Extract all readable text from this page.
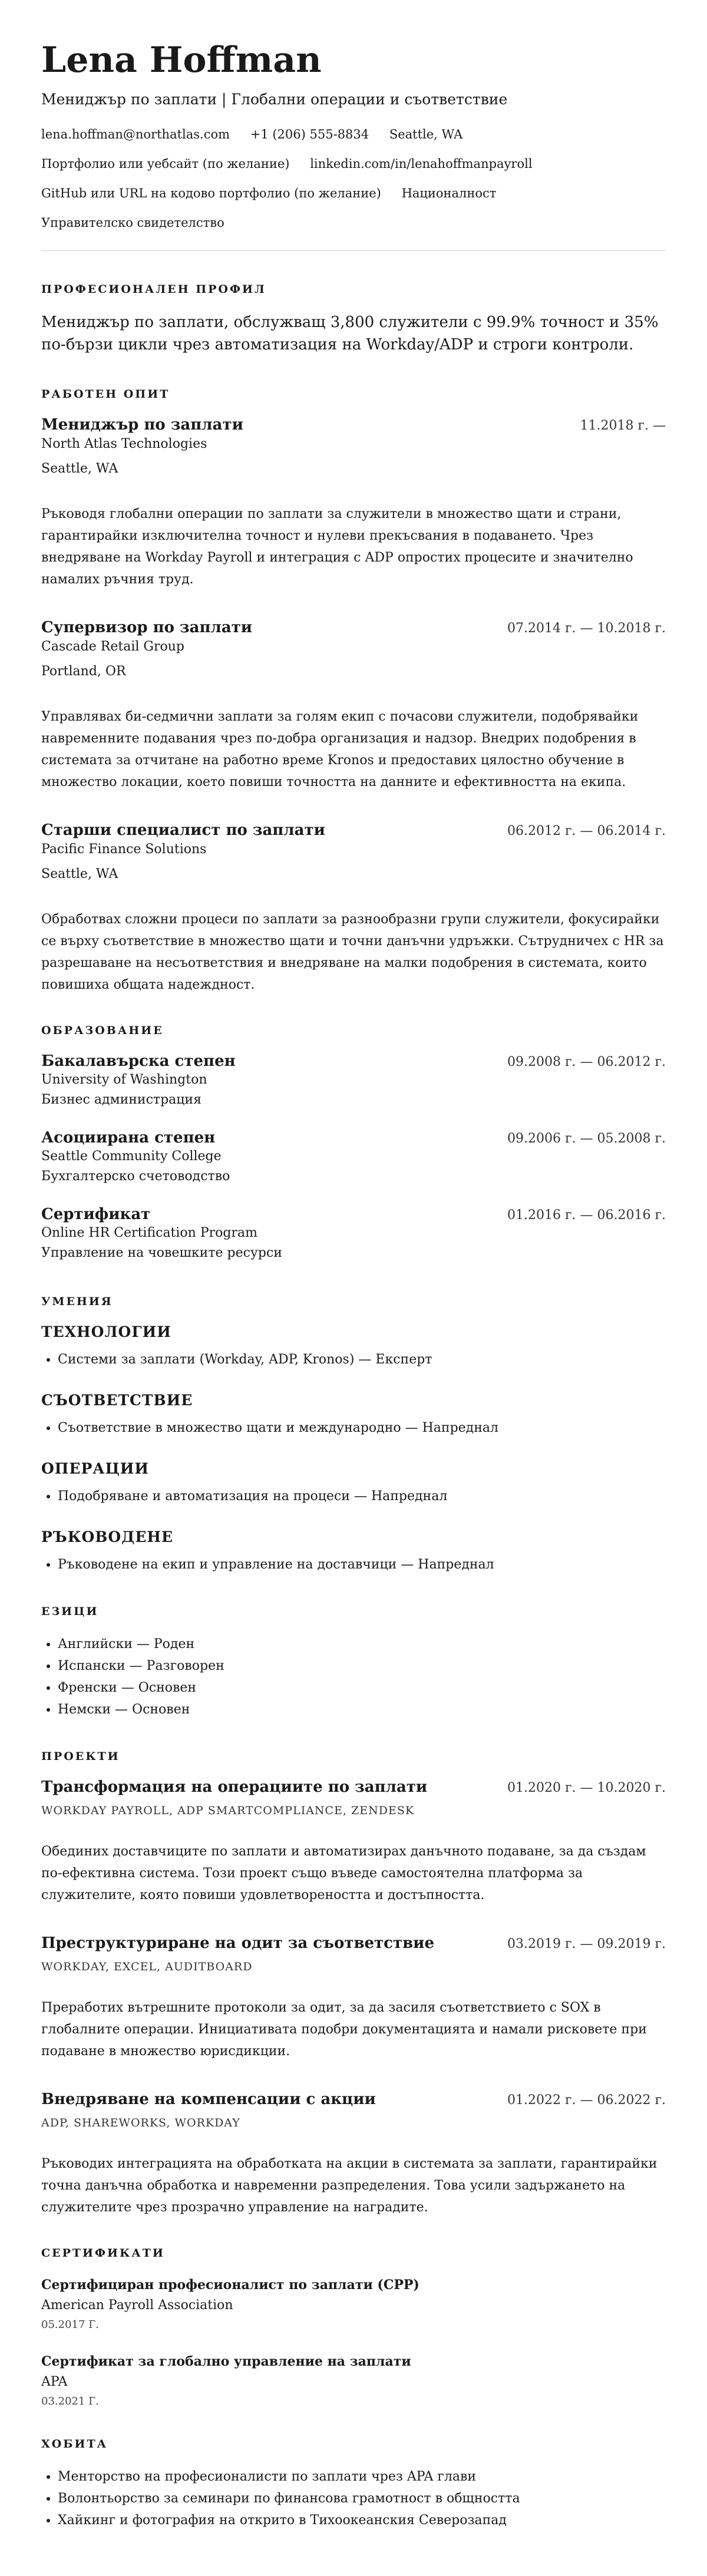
Lena Hoffman
Мениджър по заплати | Глобални операции и съответствие

lena.hoffman@northatlas.com +1 (206) 555-8834 Seattle, WA

Портфолио или уебсайт (по желание) linkedin.com/in/lenahoffmanpayroll

GitHub или URL на кодово портфолио (по желание) Националност

Управителско свидетелство

ПРОФЕСИОНАЛЕН ПРОФИЛ

Мениджър по заплати, обслужващ 3,800 служители с 99.9% точност и 35% по-бързи цикли чрез автоматизация на Workday/ADP и строги контроли.

РАБОТЕН ОПИТ
Мениджър по заплати	11.2018 г. —
North Atlas Technologies
Seattle, WA
Ръководя глобални операции по заплати за служители в множество щати и страни, гарантирайки изключителна точност и нулеви прекъсвания в подаването. Чрез внедряване на Workday Payroll и интеграция с ADP опростих процесите и значително намалих ръчния труд.
Супервизор по заплати	07.2014 г. — 10.2018 г.
Cascade Retail Group
Portland, OR
Управлявах би-седмични заплати за голям екип с почасови служители, подобрявайки навременните подавания чрез по-добра организация и надзор. Внедрих подобрения в системата за отчитане на работно време Kronos и предоставих цялостно обучение в множество локации, което повиши точността на данните и ефективността на екипа.
Старши специалист по заплати	06.2012 г. — 06.2014 г.
Pacific Finance Solutions
Seattle, WA
Обработвах сложни процеси по заплати за разнообразни групи служители, фокусирайки се върху съответствие в множество щати и точни данъчни удръжки. Сътрудничех с HR за разрешаване на несъответствия и внедряване на малки подобрения в системата, които повишиха общата надеждност.
ОБРАЗОВАНИЕ
Бакалавърска степен	09.2008 г. — 06.2012 г.
University of Washington
Бизнес администрация
Асоциирана степен	09.2006 г. — 05.2008 г.
Seattle Community College
Бухгалтерско счетоводство
Сертификат	01.2016 г. — 06.2016 г.
Online HR Certification Program
Управление на човешките ресурси
УМЕНИЯ
ТЕХНОЛОГИИ
• Системи за заплати (Workday, ADP, Kronos) — Експерт
СЪОТВЕТСТВИЕ
• Съответствие в множество щати и международно — Напреднал
ОПЕРАЦИИ
• Подобряване и автоматизация на процеси — Напреднал
РЪКОВОДЕНЕ
• Ръководене на екип и управление на доставчици — Напреднал
ЕЗИЦИ
• Английски — Роден
• Испански — Разговорен
• Френски — Основен
• Немски — Основен
ПРОЕКТИ
Трансформация на операциите по заплати	01.2020 г. — 10.2020 г.
WORKDAY PAYROLL, ADP SMARTCOMPLIANCE, ZENDESK
Обединих доставчиците по заплати и автоматизирах данъчното подаване, за да създам по-ефективна система. Този проект също въведе самостоятелна платформа за служителите, която повиши удовлетвореността и достъпността.
Преструктуриране на одит за съответствие	03.2019 г. — 09.2019 г.
WORKDAY, EXCEL, AUDITBOARD
Преработих вътрешните протоколи за одит, за да засиля съответствието с SOX в глобалните операции. Инициативата подобри документацията и намали рисковете при подаване в множество юрисдикции.
Внедряване на компенсации с акции	01.2022 г. — 06.2022 г.
ADP, SHAREWORKS, WORKDAY
Ръководих интеграцията на обработката на акции в системата за заплати, гарантирайки точна данъчна обработка и навременни разпределения. Това усили задържането на служителите чрез прозрачно управление на наградите.
СЕРТИФИКАТИ
Сертифициран професионалист по заплати (CPP)
American Payroll Association
05.2017 Г.
Сертификат за глобално управление на заплати
APA
03.2021 Г.
ХОБИТА
• Менторство на професионалисти по заплати чрез APA глави
• Волонтьорство за семинари по финансова грамотност в общността
• Хайкинг и фотография на открито в Тихоокеанския Северозапад
